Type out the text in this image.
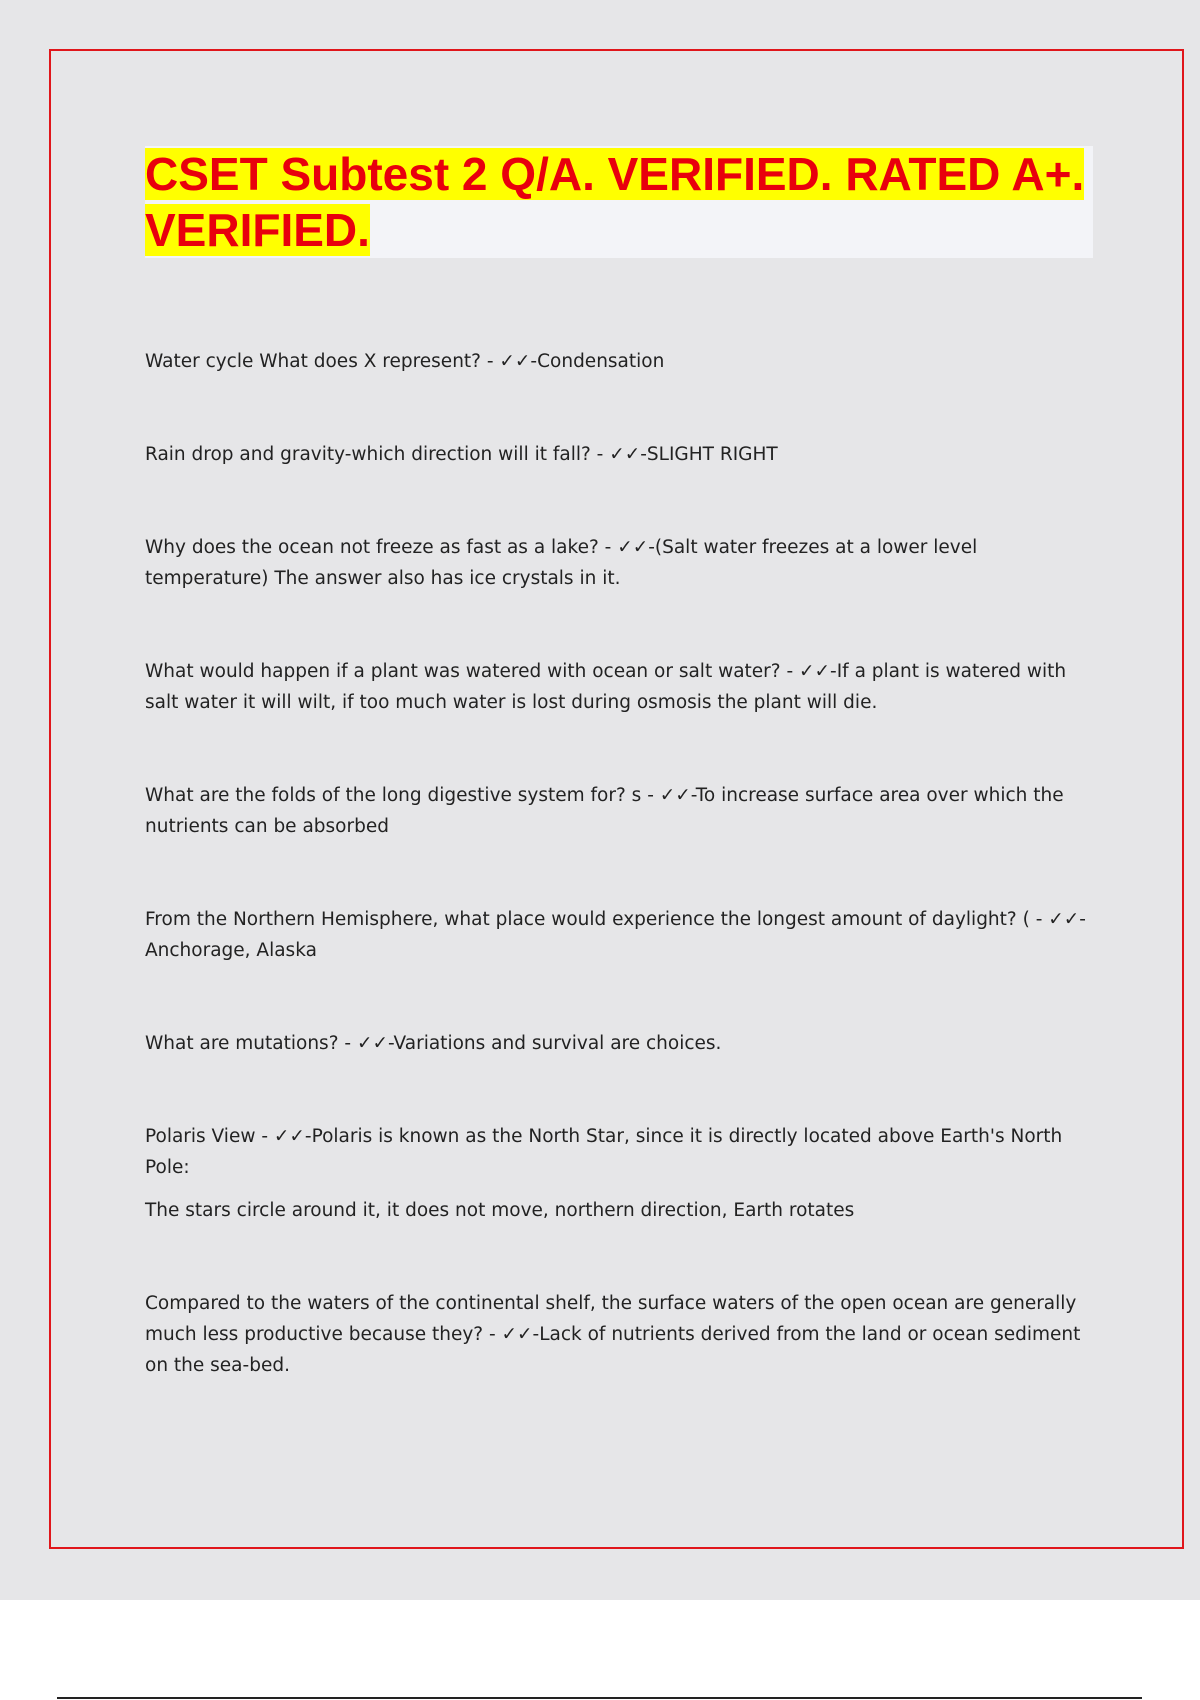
CSET Subtest 2 Q/A. VERIFIED. RATED A+. VERIFIED.

Water cycle What does X represent? - ✓✓-Condensation

Rain drop and gravity-which direction will it fall? - ✓✓-SLIGHT RIGHT

Why does the ocean not freeze as fast as a lake? - ✓✓-(Salt water freezes at a lower level temperature) The answer also has ice crystals in it.

What would happen if a plant was watered with ocean or salt water? - ✓✓-If a plant is watered with salt water it will wilt, if too much water is lost during osmosis the plant will die.

What are the folds of the long digestive system for? s - ✓✓-To increase surface area over which the nutrients can be absorbed

From the Northern Hemisphere, what place would experience the longest amount of daylight? ( - ✓✓-Anchorage, Alaska

What are mutations? - ✓✓-Variations and survival are choices.

Polaris View - ✓✓-Polaris is known as the North Star, since it is directly located above Earth's North Pole:

The stars circle around it, it does not move, northern direction, Earth rotates

Compared to the waters of the continental shelf, the surface waters of the open ocean are generally much less productive because they? - ✓✓-Lack of nutrients derived from the land or ocean sediment on the sea-bed.
